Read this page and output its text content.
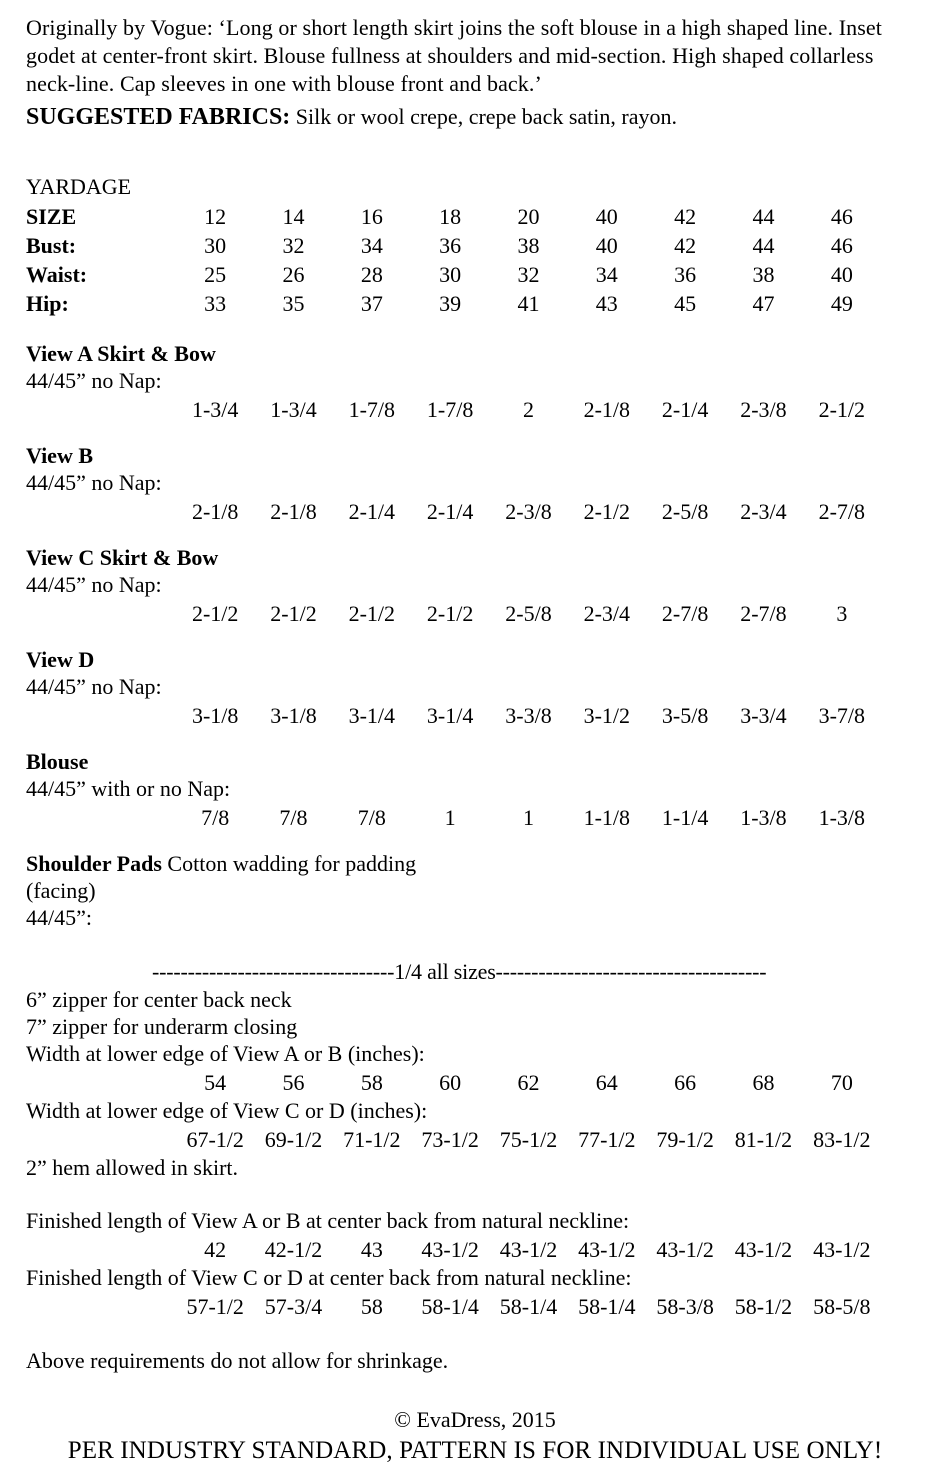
Originally by Vogue: ‘Long or short length skirt joins the soft blouse in a high shaped line. Inset godet at center-front skirt. Blouse fullness at shoulders and mid-section. High shaped collarless neck-line. Cap sleeves in one with blouse front and back.’

SUGGESTED FABRICS: Silk or wool crepe, crepe back satin, rayon.

YARDAGE
SIZE	12	14	16	18	20	40	42	44	46
Bust:	30	32	34	36	38	40	42	44	46
Waist:	25	26	28	30	32	34	36	38	40
Hip:	33	35	37	39	41	43	45	47	49
View A Skirt & Bow
44/45” no Nap:
	1-3/4	1-3/4	1-7/8	1-7/8	2	2-1/8	2-1/4	2-3/8	2-1/2
View B
44/45” no Nap:
	2-1/8	2-1/8	2-1/4	2-1/4	2-3/8	2-1/2	2-5/8	2-3/4	2-7/8
View C Skirt & Bow
44/45” no Nap:
	2-1/2	2-1/2	2-1/2	2-1/2	2-5/8	2-3/4	2-7/8	2-7/8	3
View D
44/45” no Nap:
	3-1/8	3-1/8	3-1/4	3-1/4	3-3/8	3-1/2	3-5/8	3-3/4	3-7/8
Blouse
44/45” with or no Nap:
	7/8	7/8	7/8	1	1	1-1/8	1-1/4	1-3/8	1-3/8
Shoulder Pads Cotton wadding for padding
(facing)
44/45”:
----------------------------------1/4 all sizes--------------------------------------
6” zipper for center back neck
7” zipper for underarm closing
Width at lower edge of View A or B (inches):
	54	56	58	60	62	64	66	68	70
Width at lower edge of View C or D (inches):
	67-1/2	69-1/2	71-1/2	73-1/2	75-1/2	77-1/2	79-1/2	81-1/2	83-1/2
2” hem allowed in skirt.
Finished length of View A or B at center back from natural neckline:
	42	42-1/2	43	43-1/2	43-1/2	43-1/2	43-1/2	43-1/2	43-1/2
Finished length of View C or D at center back from natural neckline:
	57-1/2	57-3/4	58	58-1/4	58-1/4	58-1/4	58-3/8	58-1/2	58-5/8
Above requirements do not allow for shrinkage.
© EvaDress, 2015
PER INDUSTRY STANDARD, PATTERN IS FOR INDIVIDUAL USE ONLY!
